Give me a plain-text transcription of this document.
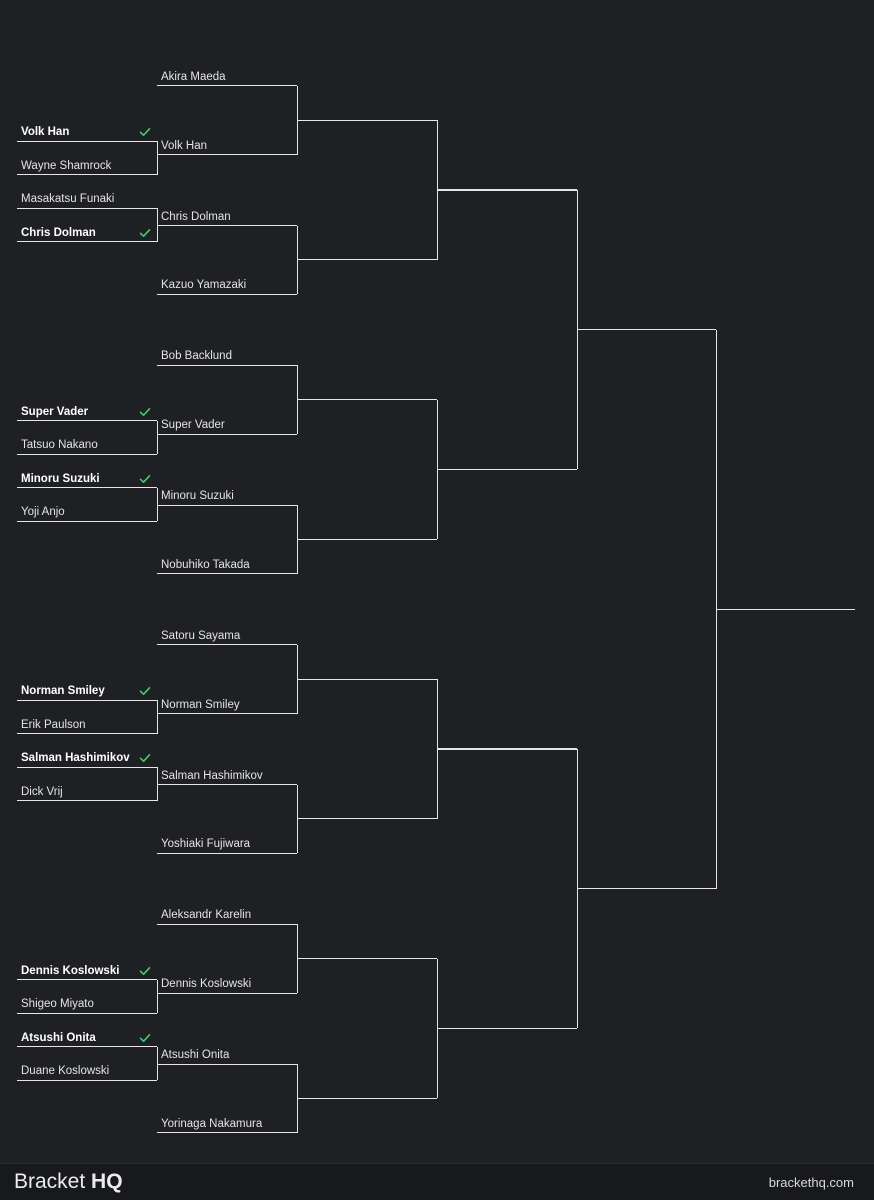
Volk Han
Wayne Shamrock
Masakatsu Funaki
Chris Dolman
Super Vader
Tatsuo Nakano
Minoru Suzuki
Yoji Anjo
Norman Smiley
Erik Paulson
Salman Hashimikov
Dick Vrij
Dennis Koslowski
Shigeo Miyato
Atsushi Onita
Duane Koslowski
Akira Maeda
Volk Han
Chris Dolman
Kazuo Yamazaki
Bob Backlund
Super Vader
Minoru Suzuki
Nobuhiko Takada
Satoru Sayama
Norman Smiley
Salman Hashimikov
Yoshiaki Fujiwara
Aleksandr Karelin
Dennis Koslowski
Atsushi Onita
Yorinaga Nakamura
Bracket HQ	brackethq.com
